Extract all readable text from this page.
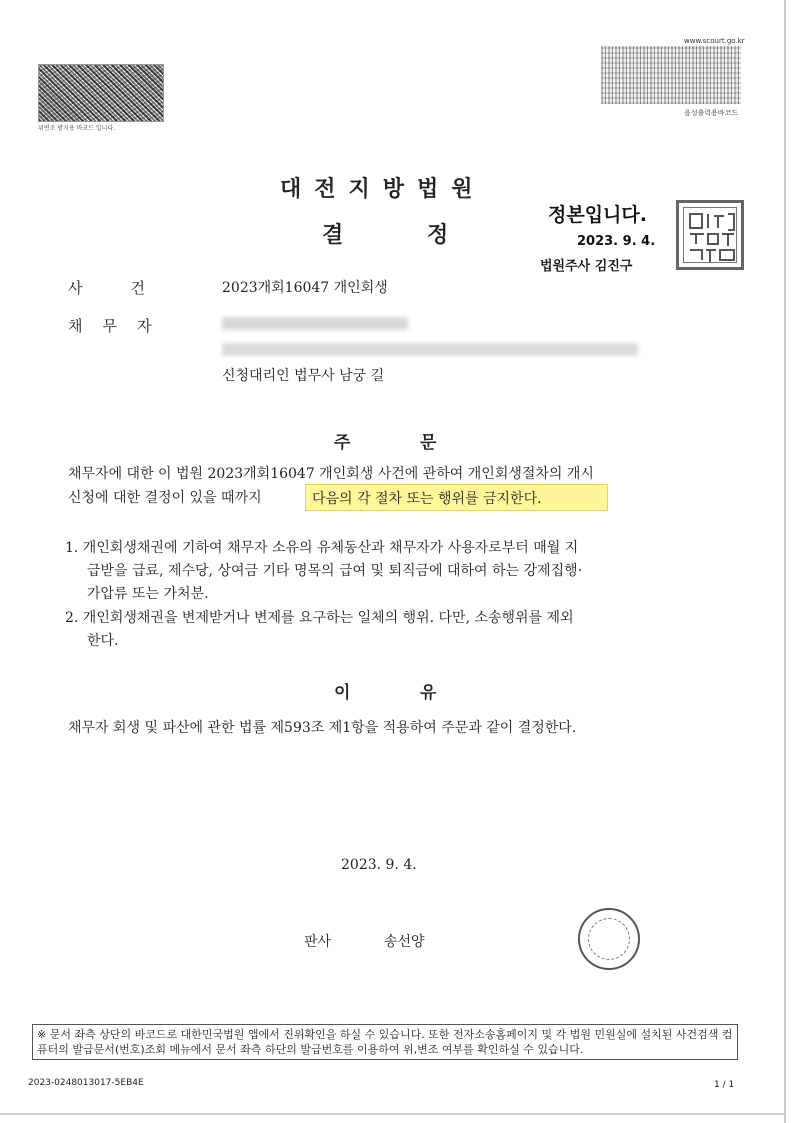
위변조 방지용 바코드 입니다.
www.scourt.go.kr
음성출력용바코드
대전지방법원
결	정
정본입니다.
2023. 9. 4.
법원주사 김진구
사건 2023개회16047 개인회생
채무자
신청대리인 법무사 남궁 길
주	문
채무자에 대한 이 법원 2023개회16047 개인회생 사건에 관하여 개인회생절차의 개시
신청에 대한 결정이 있을 때까지	다음의 각 절차 또는 행위를 금지한다.
1. 개인회생채권에 기하여 채무자 소유의 유체동산과 채무자가 사용자로부터 매월 지
급받을 급료, 제수당, 상여금 기타 명목의 급여 및 퇴직금에 대하여 하는 강제집행·
가압류 또는 가처분.
2. 개인회생채권을 변제받거나 변제를 요구하는 일체의 행위. 다만, 소송행위를 제외
한다.
이	유
채무자 회생 및 파산에 관한 법률 제593조 제1항을 적용하여 주문과 같이 결정한다.
2023. 9. 4.
판사	송선양
※ 문서 좌측 상단의 바코드로 대한민국법원 앱에서 진위확인을 하실 수 있습니다. 또한 전자소송홈페이지 및 각 법원 민원실에 설치된 사건검색 컴퓨터의 발급문서(번호)조회 메뉴에서 문서 좌측 하단의 발급번호를 이용하여 위,변조 여부를 확인하실 수 있습니다.
2023-0248013017-5EB4E	1 / 1
